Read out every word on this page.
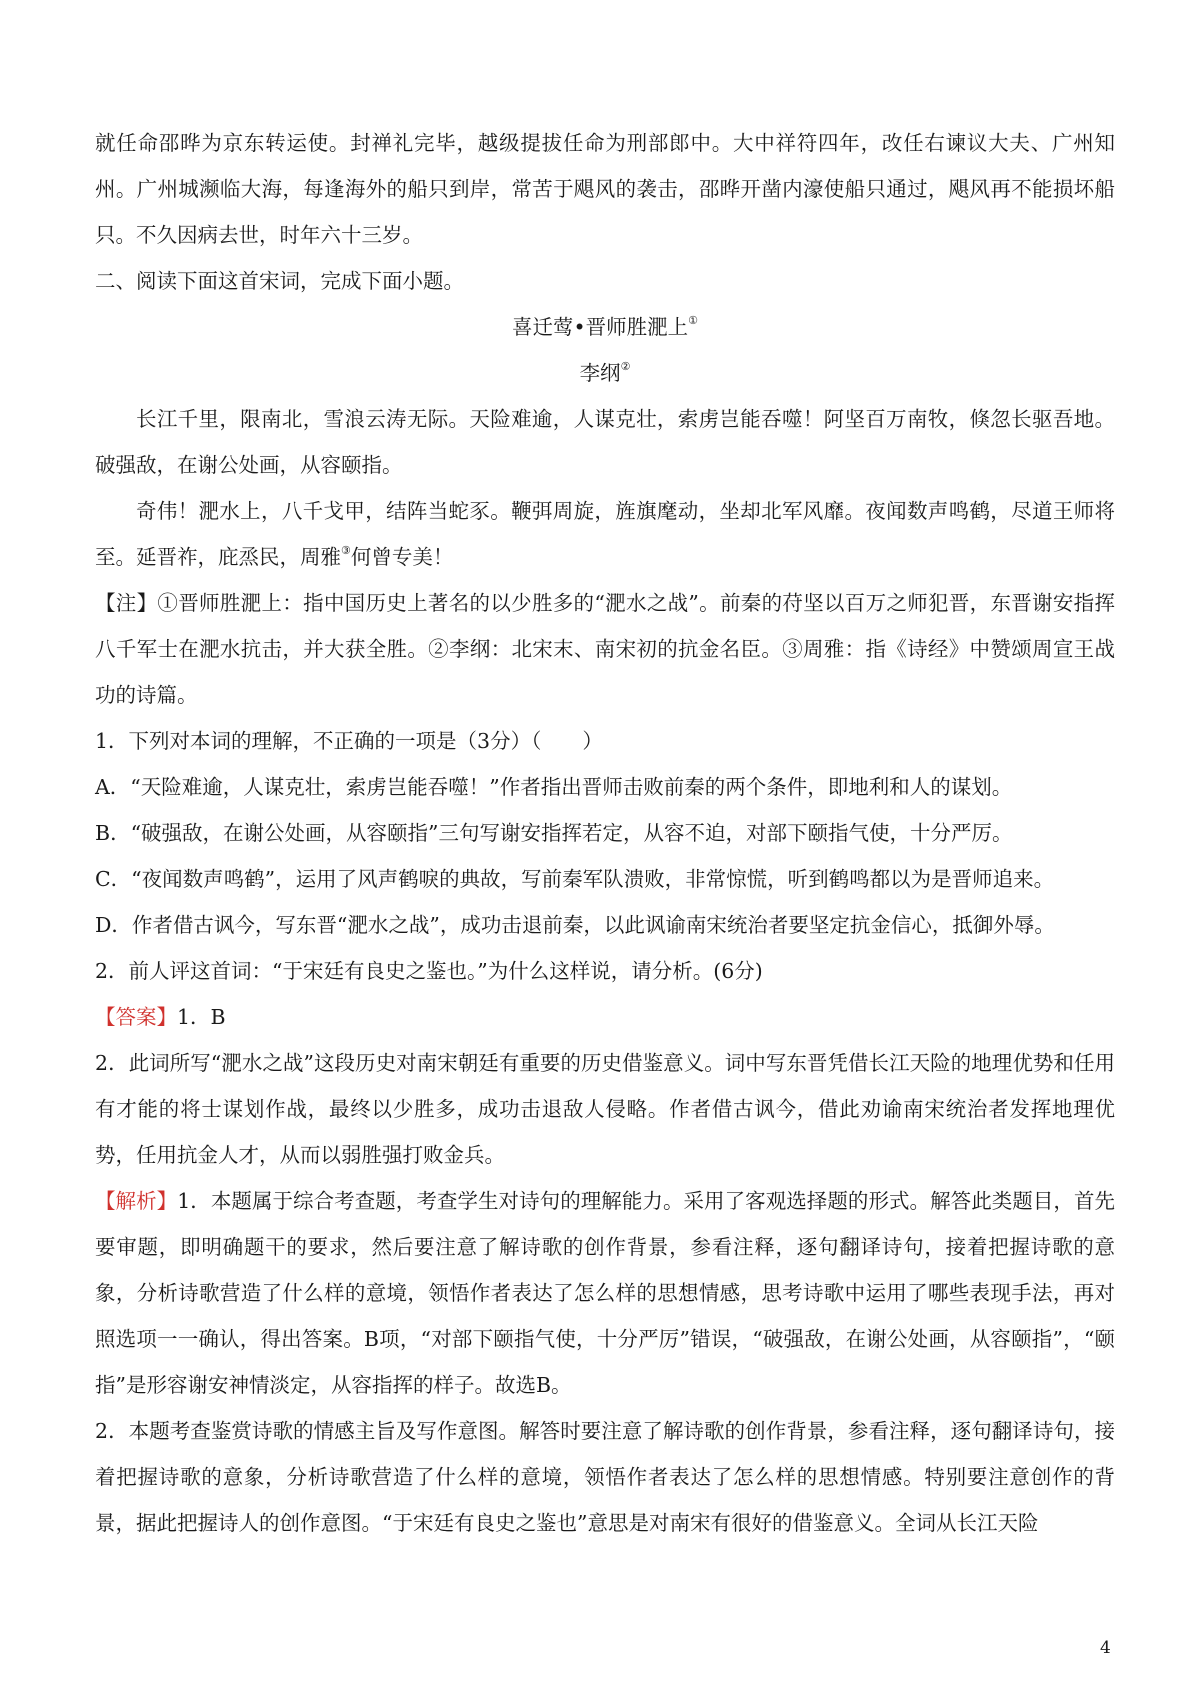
就任命邵晔为京东转运使。封禅礼完毕，越级提拔任命为刑部郎中。大中祥符四年，改任右谏议大夫、广州知州。广州城濒临大海，每逢海外的船只到岸，常苦于飓风的袭击，邵晔开凿内濠使船只通过，飓风再不能损坏船只。不久因病去世，时年六十三岁。

二、阅读下面这首宋词，完成下面小题。

喜迁莺•晋师胜淝上①

李纲②

长江千里，限南北，雪浪云涛无际。天险难逾，人谋克壮，索虏岂能吞噬！阿坚百万南牧，倏忽长驱吾地。破强敌，在谢公处画，从容颐指。

奇伟！淝水上，八千戈甲，结阵当蛇豕。鞭弭周旋，旌旗麾动，坐却北军风靡。夜闻数声鸣鹤，尽道王师将至。延晋祚，庇烝民，周雅③何曾专美！

【注】①晋师胜淝上：指中国历史上著名的以少胜多的“淝水之战”。前秦的苻坚以百万之师犯晋，东晋谢安指挥八千军士在淝水抗击，并大获全胜。②李纲：北宋末、南宋初的抗金名臣。③周雅：指《诗经》中赞颂周宣王战功的诗篇。

1．下列对本词的理解，不正确的一项是（3分）（　　）

A．“天险难逾，人谋克壮，索虏岂能吞噬！”作者指出晋师击败前秦的两个条件，即地利和人的谋划。

B．“破强敌，在谢公处画，从容颐指”三句写谢安指挥若定，从容不迫，对部下颐指气使，十分严厉。

C．“夜闻数声鸣鹤”，运用了风声鹤唳的典故，写前秦军队溃败，非常惊慌，听到鹤鸣都以为是晋师追来。

D．作者借古讽今，写东晋“淝水之战”，成功击退前秦，以此讽谕南宋统治者要坚定抗金信心，抵御外辱。

2．前人评这首词：“于宋廷有良史之鉴也。”为什么这样说，请分析。(6分)

【答案】1．B

2．此词所写“淝水之战”这段历史对南宋朝廷有重要的历史借鉴意义。词中写东晋凭借长江天险的地理优势和任用有才能的将士谋划作战，最终以少胜多，成功击退敌人侵略。作者借古讽今，借此劝谕南宋统治者发挥地理优势，任用抗金人才，从而以弱胜强打败金兵。

【解析】1．本题属于综合考查题，考查学生对诗句的理解能力。采用了客观选择题的形式。解答此类题目，首先要审题，即明确题干的要求，然后要注意了解诗歌的创作背景，参看注释，逐句翻译诗句，接着把握诗歌的意象，分析诗歌营造了什么样的意境，领悟作者表达了怎么样的思想情感，思考诗歌中运用了哪些表现手法，再对照选项一一确认，得出答案。B项，“对部下颐指气使，十分严厉”错误，“破强敌，在谢公处画，从容颐指”，“颐指”是形容谢安神情淡定，从容指挥的样子。故选B。

2．本题考查鉴赏诗歌的情感主旨及写作意图。解答时要注意了解诗歌的创作背景，参看注释，逐句翻译诗句，接着把握诗歌的意象，分析诗歌营造了什么样的意境，领悟作者表达了怎么样的思想情感。特别要注意创作的背景，据此把握诗人的创作意图。“于宋廷有良史之鉴也”意思是对南宋有很好的借鉴意义。全词从长江天险

4
